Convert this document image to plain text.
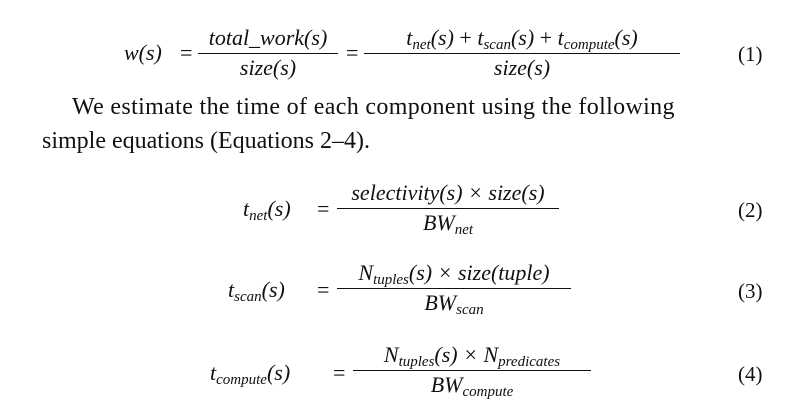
w(s) =
total_work(s)
size(s)
=
$t_{net}(s) + t_{scan}(s) + t_{compute}(s)$
size(s)
(1)
We estimate the time of each component using the following
simple equations (Equations 2–4).
$t_{net}(s)$ =
selectivity(s) × size(s)
$BW_{net}$
(2)
$t_{scan}(s)$ =
$N_{tuples}(s)$ × size(tuple)
$BW_{scan}$
(3)
$t_{compute}(s)$ =
$N_{tuples}(s) \times N_{predicates}$
$BW_{compute}$
(4)
